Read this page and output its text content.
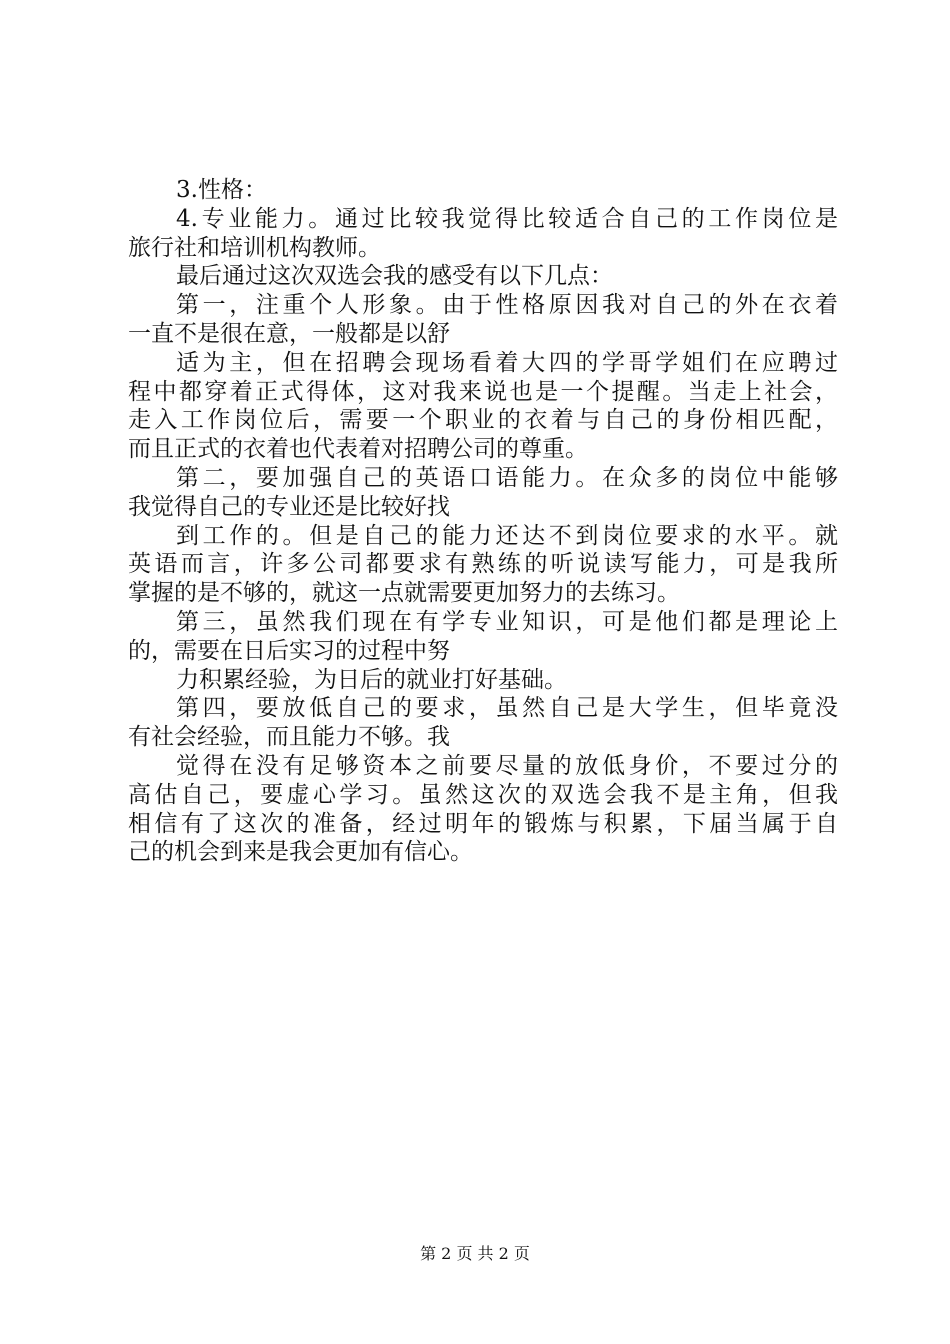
3.性格：
4.专业能力。通过比较我觉得比较适合自己的工作岗位是
旅行社和培训机构教师。
最后通过这次双选会我的感受有以下几点：
第一，注重个人形象。由于性格原因我对自己的外在衣着
一直不是很在意，一般都是以舒
适为主，但在招聘会现场看着大四的学哥学姐们在应聘过
程中都穿着正式得体，这对我来说也是一个提醒。当走上社会，
走入工作岗位后，需要一个职业的衣着与自己的身份相匹配，
而且正式的衣着也代表着对招聘公司的尊重。
第二，要加强自己的英语口语能力。在众多的岗位中能够
我觉得自己的专业还是比较好找
到工作的。但是自己的能力还达不到岗位要求的水平。就
英语而言，许多公司都要求有熟练的听说读写能力，可是我所
掌握的是不够的，就这一点就需要更加努力的去练习。
第三，虽然我们现在有学专业知识，可是他们都是理论上
的，需要在日后实习的过程中努
力积累经验，为日后的就业打好基础。
第四，要放低自己的要求，虽然自己是大学生，但毕竟没
有社会经验，而且能力不够。我
觉得在没有足够资本之前要尽量的放低身价，不要过分的
高估自己，要虚心学习。虽然这次的双选会我不是主角，但我
相信有了这次的准备，经过明年的锻炼与积累，下届当属于自
己的机会到来是我会更加有信心。
第 2 页 共 2 页
